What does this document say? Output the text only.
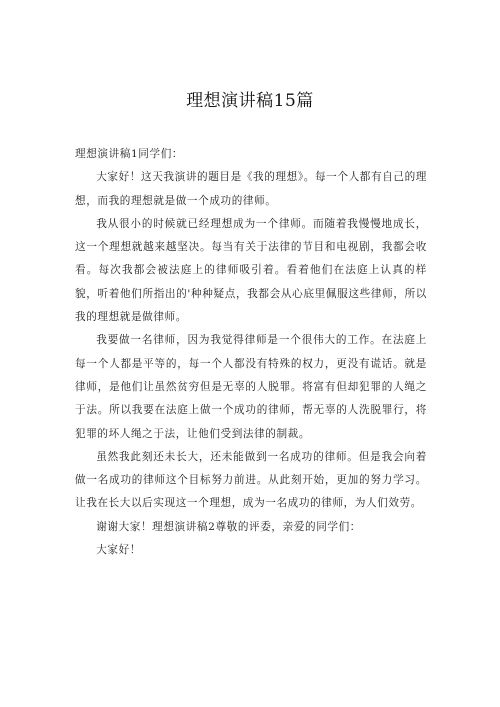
理想演讲稿15篇

理想演讲稿1同学们：

大家好！这天我演讲的题目是《我的理想》。每一个人都有自己的理想，而我的理想就是做一个成功的律师。

我从很小的时候就已经理想成为一个律师。而随着我慢慢地成长，这一个理想就越来越坚决。每当有关于法律的节目和电视剧，我都会收看。每次我都会被法庭上的律师吸引着。看着他们在法庭上认真的样貌，听着他们所指出的'种种疑点，我都会从心底里佩服这些律师，所以我的理想就是做律师。

我要做一名律师，因为我觉得律师是一个很伟大的工作。在法庭上每一个人都是平等的，每一个人都没有特殊的权力，更没有谎话。就是律师，是他们让虽然贫穷但是无辜的人脱罪。将富有但却犯罪的人绳之于法。所以我要在法庭上做一个成功的律师，帮无辜的人洗脱罪行，将犯罪的坏人绳之于法，让他们受到法律的制裁。

虽然我此刻还未长大，还未能做到一名成功的律师。但是我会向着做一名成功的律师这个目标努力前进。从此刻开始，更加的努力学习。让我在长大以后实现这一个理想，成为一名成功的律师，为人们效劳。

谢谢大家！理想演讲稿2尊敬的评委，亲爱的同学们：

大家好！
